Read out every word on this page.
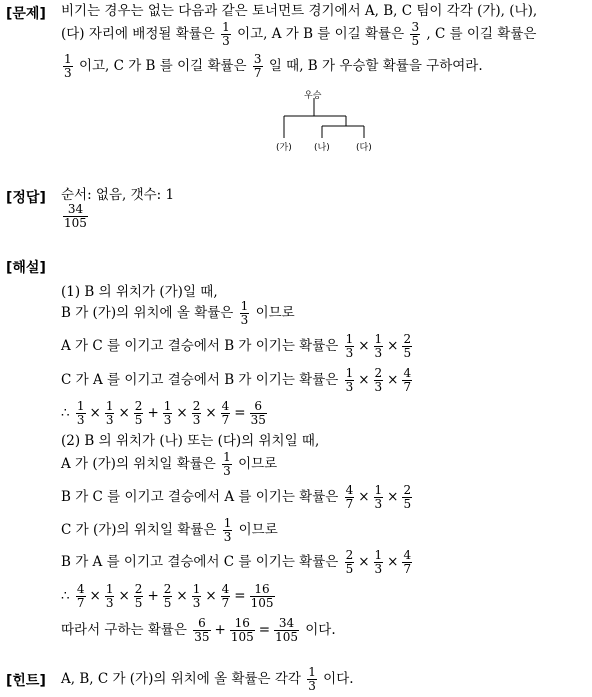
[문제] 비기는 경우는 없는 다음과 같은 토너먼트 경기에서 A, B, C 팀이 각각 (가), (나),
(다) 자리에 배정될 확률은 $\frac{1}{3}$ 이고, A 가 B 를 이길 확률은 $\frac{3}{5}$ , C 를 이길 확률은
$\frac{1}{3}$ 이고, C 가 B 를 이길 확률은 $\frac{3}{7}$ 일 때, B 가 우승할 확률을 구하여라.
우승
(가) (나)	(다)
[정답] 순서: 없음, 갯수: 1
$\frac{34}{105}$
[해설]
(1) B 의 위치가 (가)일 때,
B 가 (가)의 위치에 올 확률은 $\frac{1}{3}$ 이므로
A 가 C 를 이기고 결승에서 B 가 이기는 확률은 $\frac{1}{3} \times \frac{1}{3} \times \frac{2}{5}$
C 가 A 를 이기고 결승에서 B 가 이기는 확률은 $\frac{1}{3} \times \frac{2}{3} \times \frac{4}{7}$
∴ $\frac{1}{3} \times \frac{1}{3} \times \frac{2}{5} + \frac{1}{3} \times \frac{2}{3} \times \frac{4}{7} = \frac{6}{35}$
(2) B 의 위치가 (나) 또는 (다)의 위치일 때,
A 가 (가)의 위치일 확률은 $\frac{1}{3}$ 이므로
B 가 C 를 이기고 결승에서 A 를 이기는 확률은 $\frac{4}{7} \times \frac{1}{3} \times \frac{2}{5}$
C 가 (가)의 위치일 확률은 $\frac{1}{3}$ 이므로
B 가 A 를 이기고 결승에서 C 를 이기는 확률은 $\frac{2}{5} \times \frac{1}{3} \times \frac{4}{7}$
∴ $\frac{4}{7} \times \frac{1}{3} \times \frac{2}{5} + \frac{2}{5} \times \frac{1}{3} \times \frac{4}{7} = \frac{16}{105}$
따라서 구하는 확률은 $\frac{6}{35} + \frac{16}{105} = \frac{34}{105}$ 이다.
[힌트] A, B, C 가 (가)의 위치에 올 확률은 각각 $\frac{1}{3}$ 이다.
